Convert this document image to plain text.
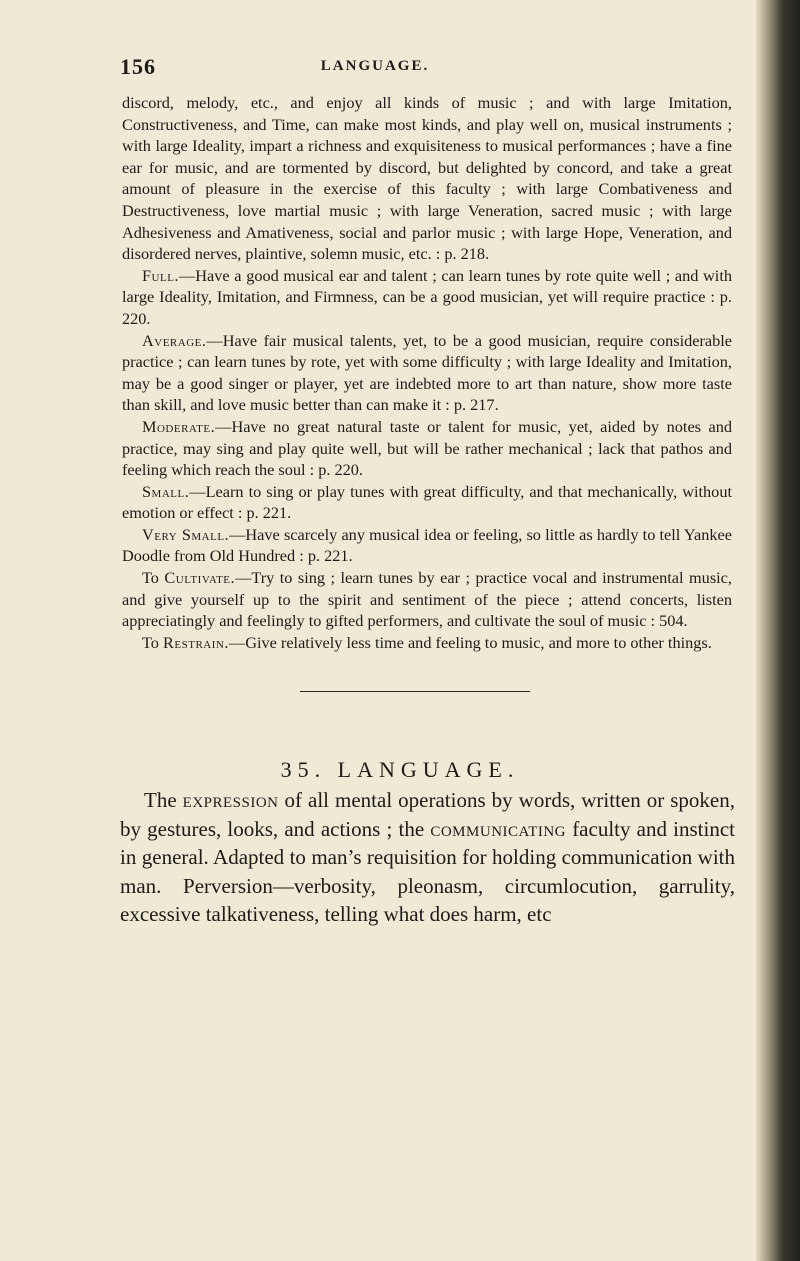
156	LANGUAGE.

discord, melody, etc., and enjoy all kinds of music ; and with large Imitation, Constructiveness, and Time, can make most kinds, and play well on, musical instruments ; with large Ideality, impart a richness and exquisiteness to musical performances ; have a fine ear for music, and are tormented by discord, but delighted by concord, and take a great amount of pleasure in the exercise of this faculty ; with large Combativeness and Destructiveness, love martial music ; with large Veneration, sacred music ; with large Adhesiveness and Amativeness, social and parlor music ; with large Hope, Veneration, and disordered nerves, plaintive, solemn music, etc. : p. 218.

Full.—Have a good musical ear and talent ; can learn tunes by rote quite well ; and with large Ideality, Imitation, and Firmness, can be a good musician, yet will require practice : p. 220.

Average.—Have fair musical talents, yet, to be a good musician, require considerable practice ; can learn tunes by rote, yet with some difficulty ; with large Ideality and Imitation, may be a good singer or player, yet are indebted more to art than nature, show more taste than skill, and love music better than can make it : p. 217.

Moderate.—Have no great natural taste or talent for music, yet, aided by notes and practice, may sing and play quite well, but will be rather mechanical ; lack that pathos and feeling which reach the soul : p. 220.

Small.—Learn to sing or play tunes with great difficulty, and that mechanically, without emotion or effect : p. 221.

Very Small.—Have scarcely any musical idea or feeling, so little as hardly to tell Yankee Doodle from Old Hundred : p. 221.

To Cultivate.—Try to sing ; learn tunes by ear ; practice vocal and instrumental music, and give yourself up to the spirit and sentiment of the piece ; attend concerts, listen appreciatingly and feelingly to gifted performers, and cultivate the soul of music : 504.

To Restrain.—Give relatively less time and feeling to music, and more to other things.

35. LANGUAGE.

The expression of all mental operations by words, written or spoken, by gestures, looks, and actions ; the communicating faculty and instinct in general. Adapted to man’s requisition for holding communication with man. Perversion—verbosity, pleonasm, circumlocution, garrulity, excessive talkativeness, telling what does harm, etc
